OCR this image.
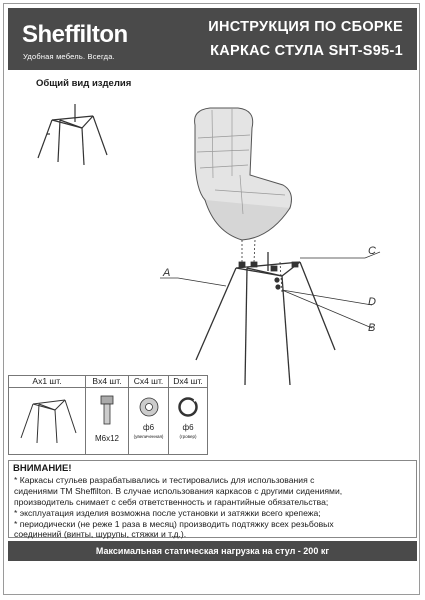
Sheffilton
Удобная мебель. Всегда.
ИНСТРУКЦИЯ ПО СБОРКЕ
КАРКАС СТУЛА SHT-S95-1
Общий вид изделия
A
C
D
B
Ax1 шт.	Bx4 шт.
M6x12
Cx4 шт.
ф6
(увеличенная)
Dx4 шт.
ф6
(гровер)
ВНИМАНИЕ!
* Каркасы стульев разрабатывались и тестировались для использования с
сидениями ТМ Sheffilton. В случае использования каркасов с другими сидениями,
производитель снимает с себя ответственность и гарантийные обязательства;
* эксплуатация изделия возможна после установки и затяжки всего крепежа;
* периодически (не реже 1 раза в месяц) производить подтяжку всех резьбовых
соединений (винты, шурупы, стяжки и т.д.).
Максимальная статическая нагрузка на стул - 200 кг
